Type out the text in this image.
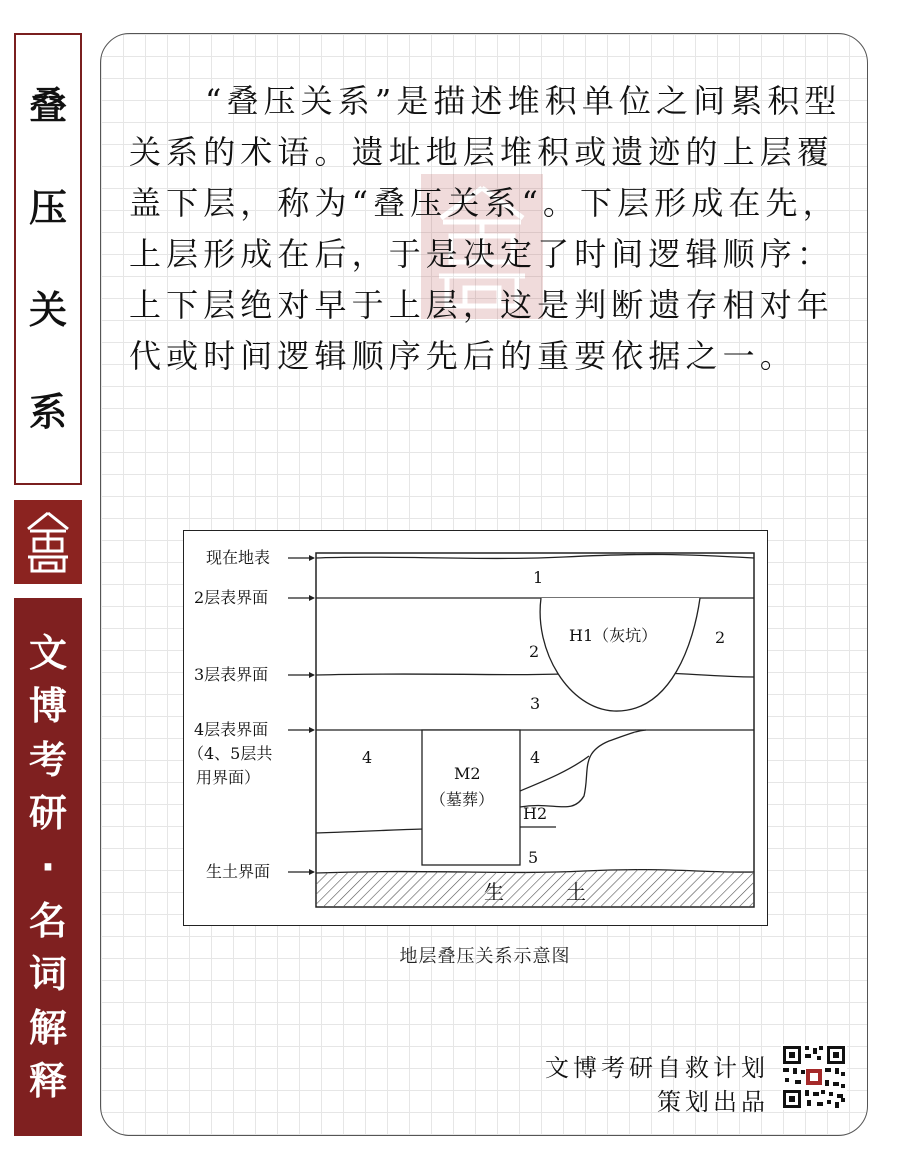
叠
压
关
系
文
博
考
研
·
名
词
解
释

“叠压关系”是描述堆积单位之间累积型关系的术语。遗址地层堆积或遗迹的上层覆盖下层，称为“叠压关系“。下层形成在先，上层形成在后，于是决定了时间逻辑顺序：上下层绝对早于上层，这是判断遗存相对年代或时间逻辑顺序先后的重要依据之一。

现在地表
2层表界面
3层表界面
4层表界面
（4、5层共
用界面）
生土界面
1
2
2
H1（灰坑）
3
4	4
M2
（墓葬）
H2
5
生	土
地层叠压关系示意图
文博考研自救计划
策划出品
